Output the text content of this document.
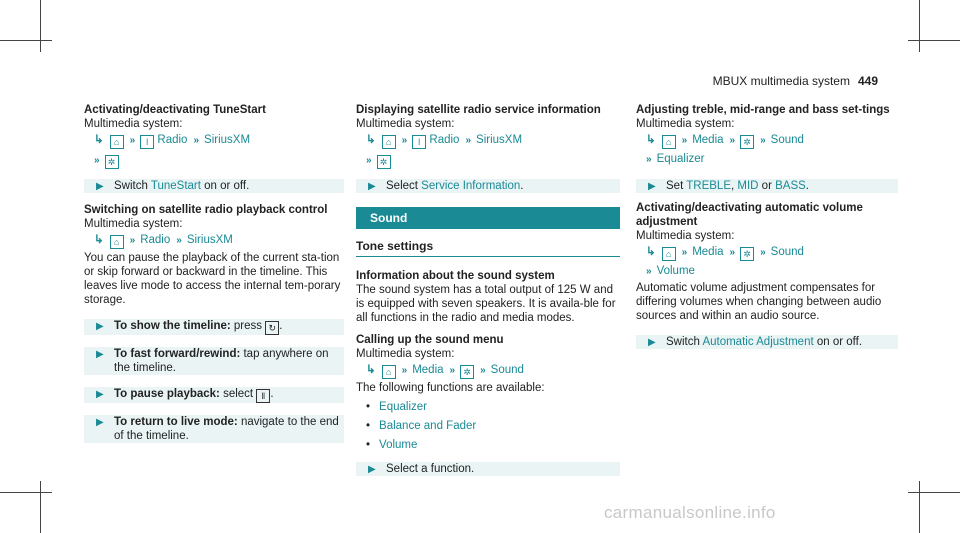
MBUX multimedia system 449

Activating/deactivating TuneStart

Multimedia system:

↳ ⌂ » ǀ Radio » SiriusXM
» ✲
▶ Switch TuneStart on or off.

Switching on satellite radio playback control

Multimedia system:

↳ ⌂ » Radio » SiriusXM

You can pause the playback of the current sta-tion or skip forward or backward in the timeline. This leaves live mode to access the internal tem-porary storage.

▶ To show the timeline: press ↻ .
▶ To fast forward/rewind: tap anywhere on the timeline.
▶ To pause playback: select ‖ .
▶ To return to live mode: navigate to the end of the timeline.

Displaying satellite radio service information

Multimedia system:

↳ ⌂ » ǀ Radio » SiriusXM
» ✲
▶ Select Service Information.
Sound
Tone settings

Information about the sound system

The sound system has a total output of 125 W and is equipped with seven speakers. It is availa-ble for all functions in the radio and media modes.

Calling up the sound menu

Multimedia system:

↳ ⌂ » Media » ✲ » Sound

The following functions are available:

• Equalizer
• Balance and Fader
• Volume
▶ Select a function.

Adjusting treble, mid-range and bass set-tings

Multimedia system:

↳ ⌂ » Media » ✲ » Sound
» Equalizer
▶ Set TREBLE, MID or BASS.

Activating/deactivating automatic volume adjustment

Multimedia system:

↳ ⌂ » Media » ✲ » Sound
» Volume

Automatic volume adjustment compensates for differing volumes when changing between audio sources and within an audio source.

▶ Switch Automatic Adjustment on or off.
carmanualsonline.info
